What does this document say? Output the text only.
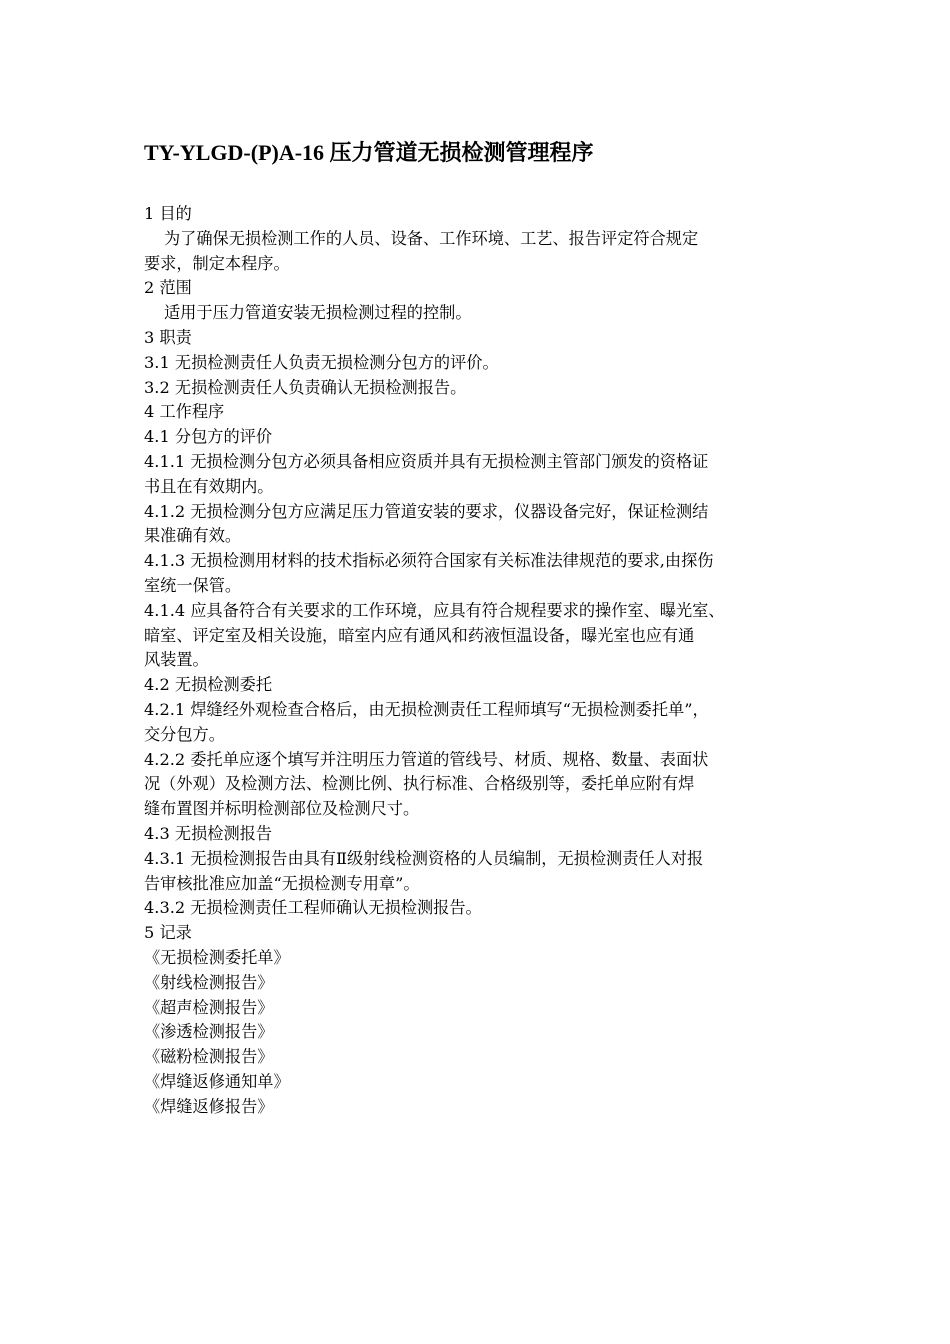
TY-YLGD-(P)A-16 压力管道无损检测管理程序
1 目的
为了确保无损检测工作的人员、设备、工作环境、工艺、报告评定符合规定
要求，制定本程序。
2 范围
适用于压力管道安装无损检测过程的控制。
3 职责
3.1 无损检测责任人负责无损检测分包方的评价。
3.2 无损检测责任人负责确认无损检测报告。
4 工作程序
4.1 分包方的评价
4.1.1 无损检测分包方必须具备相应资质并具有无损检测主管部门颁发的资格证
书且在有效期内。
4.1.2 无损检测分包方应满足压力管道安装的要求，仪器设备完好，保证检测结
果准确有效。
4.1.3 无损检测用材料的技术指标必须符合国家有关标准法律规范的要求,由探伤
室统一保管。
4.1.4 应具备符合有关要求的工作环境，应具有符合规程要求的操作室、曝光室、
暗室、评定室及相关设施，暗室内应有通风和药液恒温设备，曝光室也应有通
风装置。
4.2 无损检测委托
4.2.1 焊缝经外观检查合格后，由无损检测责任工程师填写“无损检测委托单”，
交分包方。
4.2.2 委托单应逐个填写并注明压力管道的管线号、材质、规格、数量、表面状
况（外观）及检测方法、检测比例、执行标准、合格级别等，委托单应附有焊
缝布置图并标明检测部位及检测尺寸。
4.3 无损检测报告
4.3.1 无损检测报告由具有Ⅱ级射线检测资格的人员编制，无损检测责任人对报
告审核批准应加盖“无损检测专用章”。
4.3.2 无损检测责任工程师确认无损检测报告。
5 记录
《无损检测委托单》
《射线检测报告》
《超声检测报告》
《渗透检测报告》
《磁粉检测报告》
《焊缝返修通知单》
《焊缝返修报告》
